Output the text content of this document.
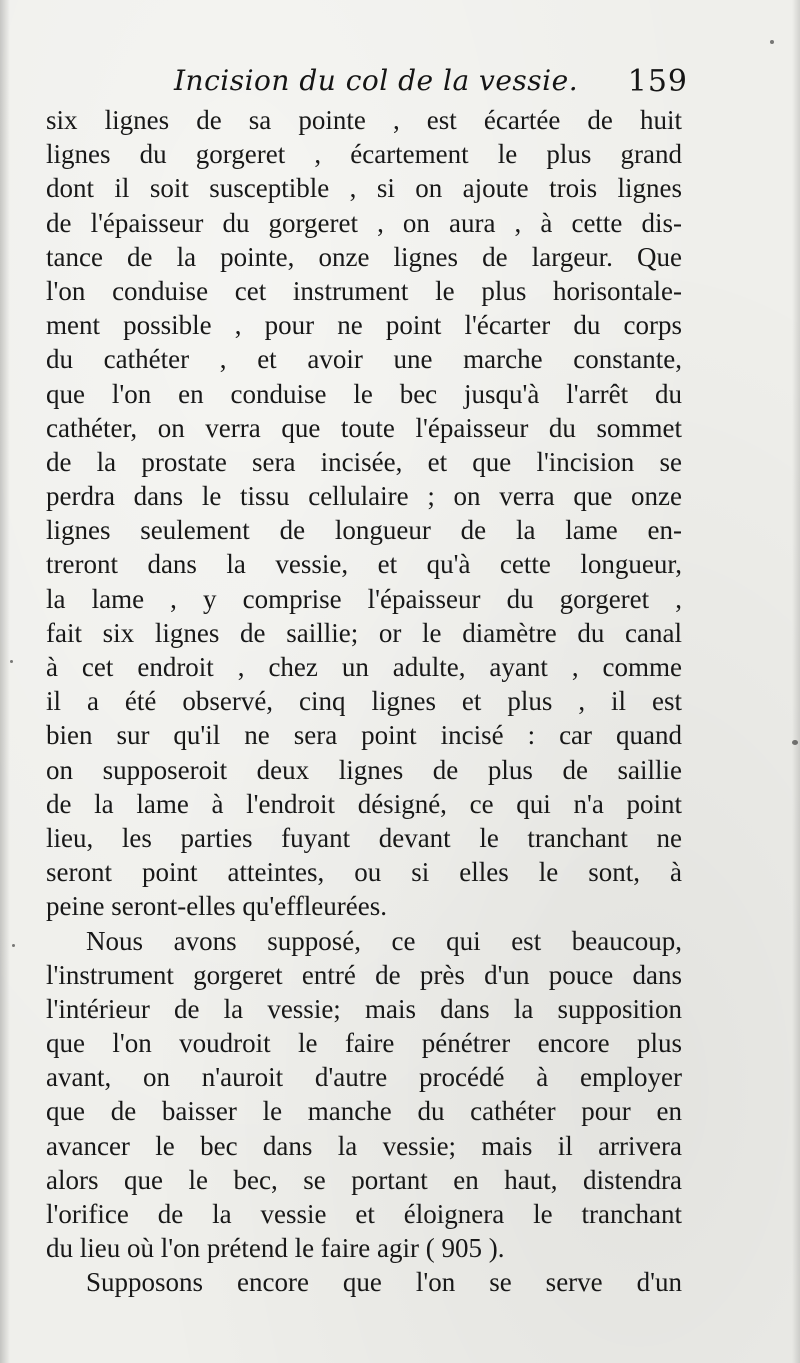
Incision du col de la vessie. 159
six lignes de sa pointe , est écartée de huit
lignes du gorgeret , écartement le plus grand
dont il soit susceptible , si on ajoute trois lignes
de l'épaisseur du gorgeret , on aura , à cette dis-
tance de la pointe, onze lignes de largeur. Que
l'on conduise cet instrument le plus horisontale-
ment possible , pour ne point l'écarter du corps
du cathéter , et avoir une marche constante,
que l'on en conduise le bec jusqu'à l'arrêt du
cathéter, on verra que toute l'épaisseur du sommet
de la prostate sera incisée, et que l'incision se
perdra dans le tissu cellulaire ; on verra que onze
lignes seulement de longueur de la lame en-
treront dans la vessie, et qu'à cette longueur,
la lame , y comprise l'épaisseur du gorgeret ,
fait six lignes de saillie; or le diamètre du canal
à cet endroit , chez un adulte, ayant , comme
il a été observé, cinq lignes et plus , il est
bien sur qu'il ne sera point incisé : car quand
on supposeroit deux lignes de plus de saillie
de la lame à l'endroit désigné, ce qui n'a point
lieu, les parties fuyant devant le tranchant ne
seront point atteintes, ou si elles le sont, à
peine seront-elles qu'effleurées.
Nous avons supposé, ce qui est beaucoup,
l'instrument gorgeret entré de près d'un pouce dans
l'intérieur de la vessie; mais dans la supposition
que l'on voudroit le faire pénétrer encore plus
avant, on n'auroit d'autre procédé à employer
que de baisser le manche du cathéter pour en
avancer le bec dans la vessie; mais il arrivera
alors que le bec, se portant en haut, distendra
l'orifice de la vessie et éloignera le tranchant
du lieu où l'on prétend le faire agir ( 905 ).
Supposons encore que l'on se serve d'un
